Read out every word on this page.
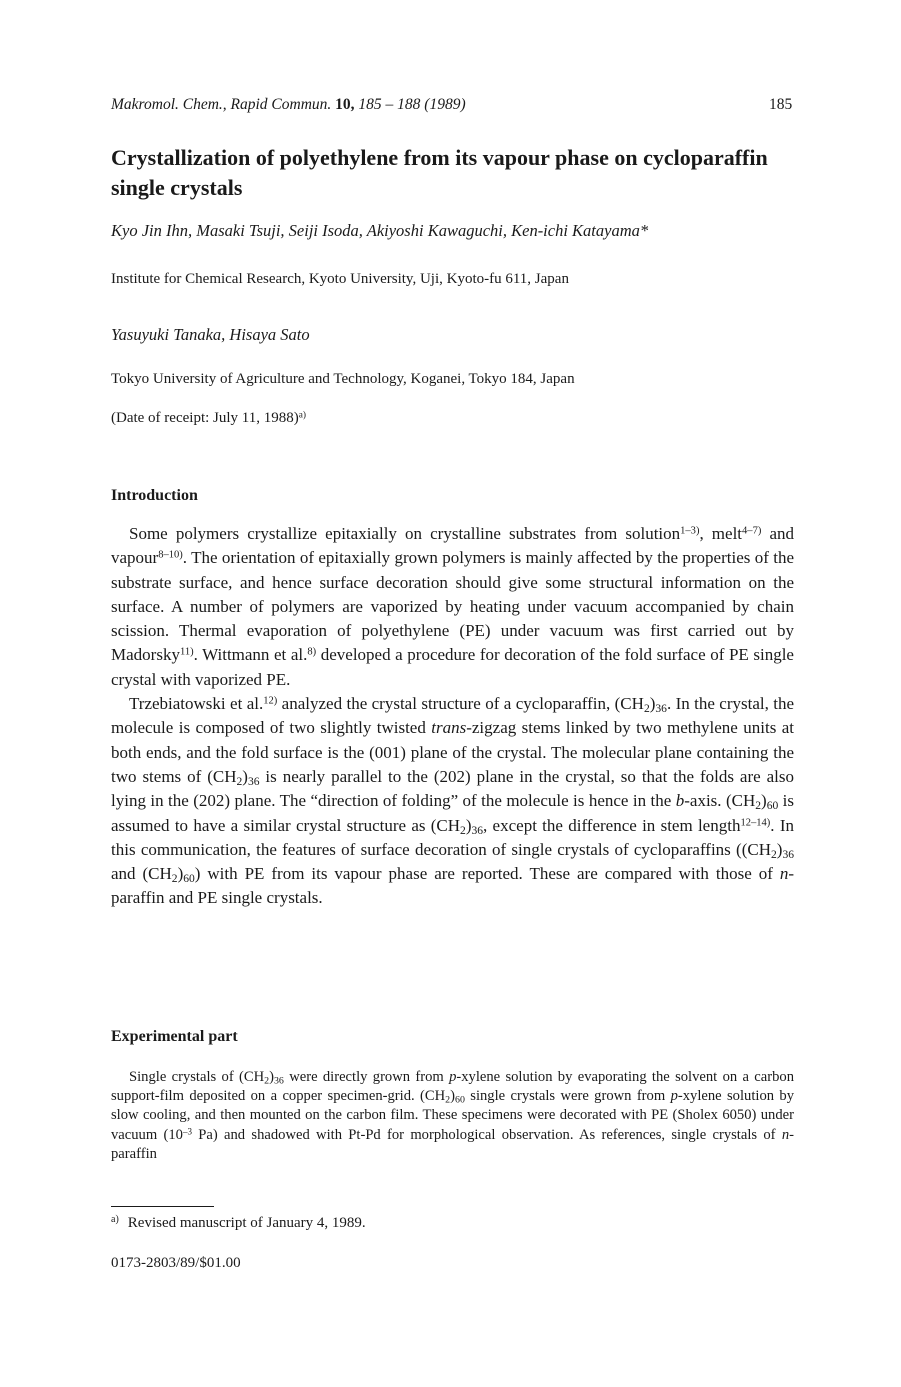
Makromol. Chem., Rapid Commun. 10, 185 – 188 (1989)	185
Crystallization of polyethylene from its vapour phase on cycloparaffin single crystals
Kyo Jin Ihn, Masaki Tsuji, Seiji Isoda, Akiyoshi Kawaguchi, Ken-ichi Katayama*
Institute for Chemical Research, Kyoto University, Uji, Kyoto-fu 611, Japan
Yasuyuki Tanaka, Hisaya Sato
Tokyo University of Agriculture and Technology, Koganei, Tokyo 184, Japan
(Date of receipt: July 11, 1988)$^{a)}$
Introduction

Some polymers crystallize epitaxially on crystalline substrates from solution$^{1-3)}$, melt$^{4-7)}$ and vapour$^{8-10)}$. The orientation of epitaxially grown polymers is mainly affected by the properties of the substrate surface, and hence surface decoration should give some structural information on the surface. A number of polymers are vaporized by heating under vacuum accompanied by chain scission. Thermal evaporation of polyethylene (PE) under vacuum was first carried out by Madorsky$^{11)}$. Wittmann et al.$^{8)}$ developed a procedure for decoration of the fold surface of PE single crystal with vaporized PE.

Trzebiatowski et al.$^{12)}$ analyzed the crystal structure of a cycloparaffin, $(CH_2)_{36}$. In the crystal, the molecule is composed of two slightly twisted trans-zigzag stems linked by two methylene units at both ends, and the fold surface is the (001) plane of the crystal. The molecular plane containing the two stems of $(CH_2)_{36}$ is nearly parallel to the (202) plane in the crystal, so that the folds are also lying in the (202) plane. The “direction of folding” of the molecule is hence in the b-axis. $(CH_2)_{60}$ is assumed to have a similar crystal structure as $(CH_2)_{36}$, except the difference in stem length$^{12-14)}$. In this communication, the features of surface decoration of single crystals of cycloparaffins ($(CH_2)_{36}$ and $(CH_2)_{60}$) with PE from its vapour phase are reported. These are compared with those of n-paraffin and PE single crystals.

Experimental part

Single crystals of $(CH_2)_{36}$ were directly grown from p-xylene solution by evaporating the solvent on a carbon support-film deposited on a copper specimen-grid. $(CH_2)_{60}$ single crystals were grown from p-xylene solution by slow cooling, and then mounted on the carbon film. These specimens were decorated with PE (Sholex 6050) under vacuum ($10^{-3}$ Pa) and shadowed with Pt-Pd for morphological observation. As references, single crystals of n-paraffin

$^{a)}$ Revised manuscript of January 4, 1989.
0173-2803/89/$01.00
